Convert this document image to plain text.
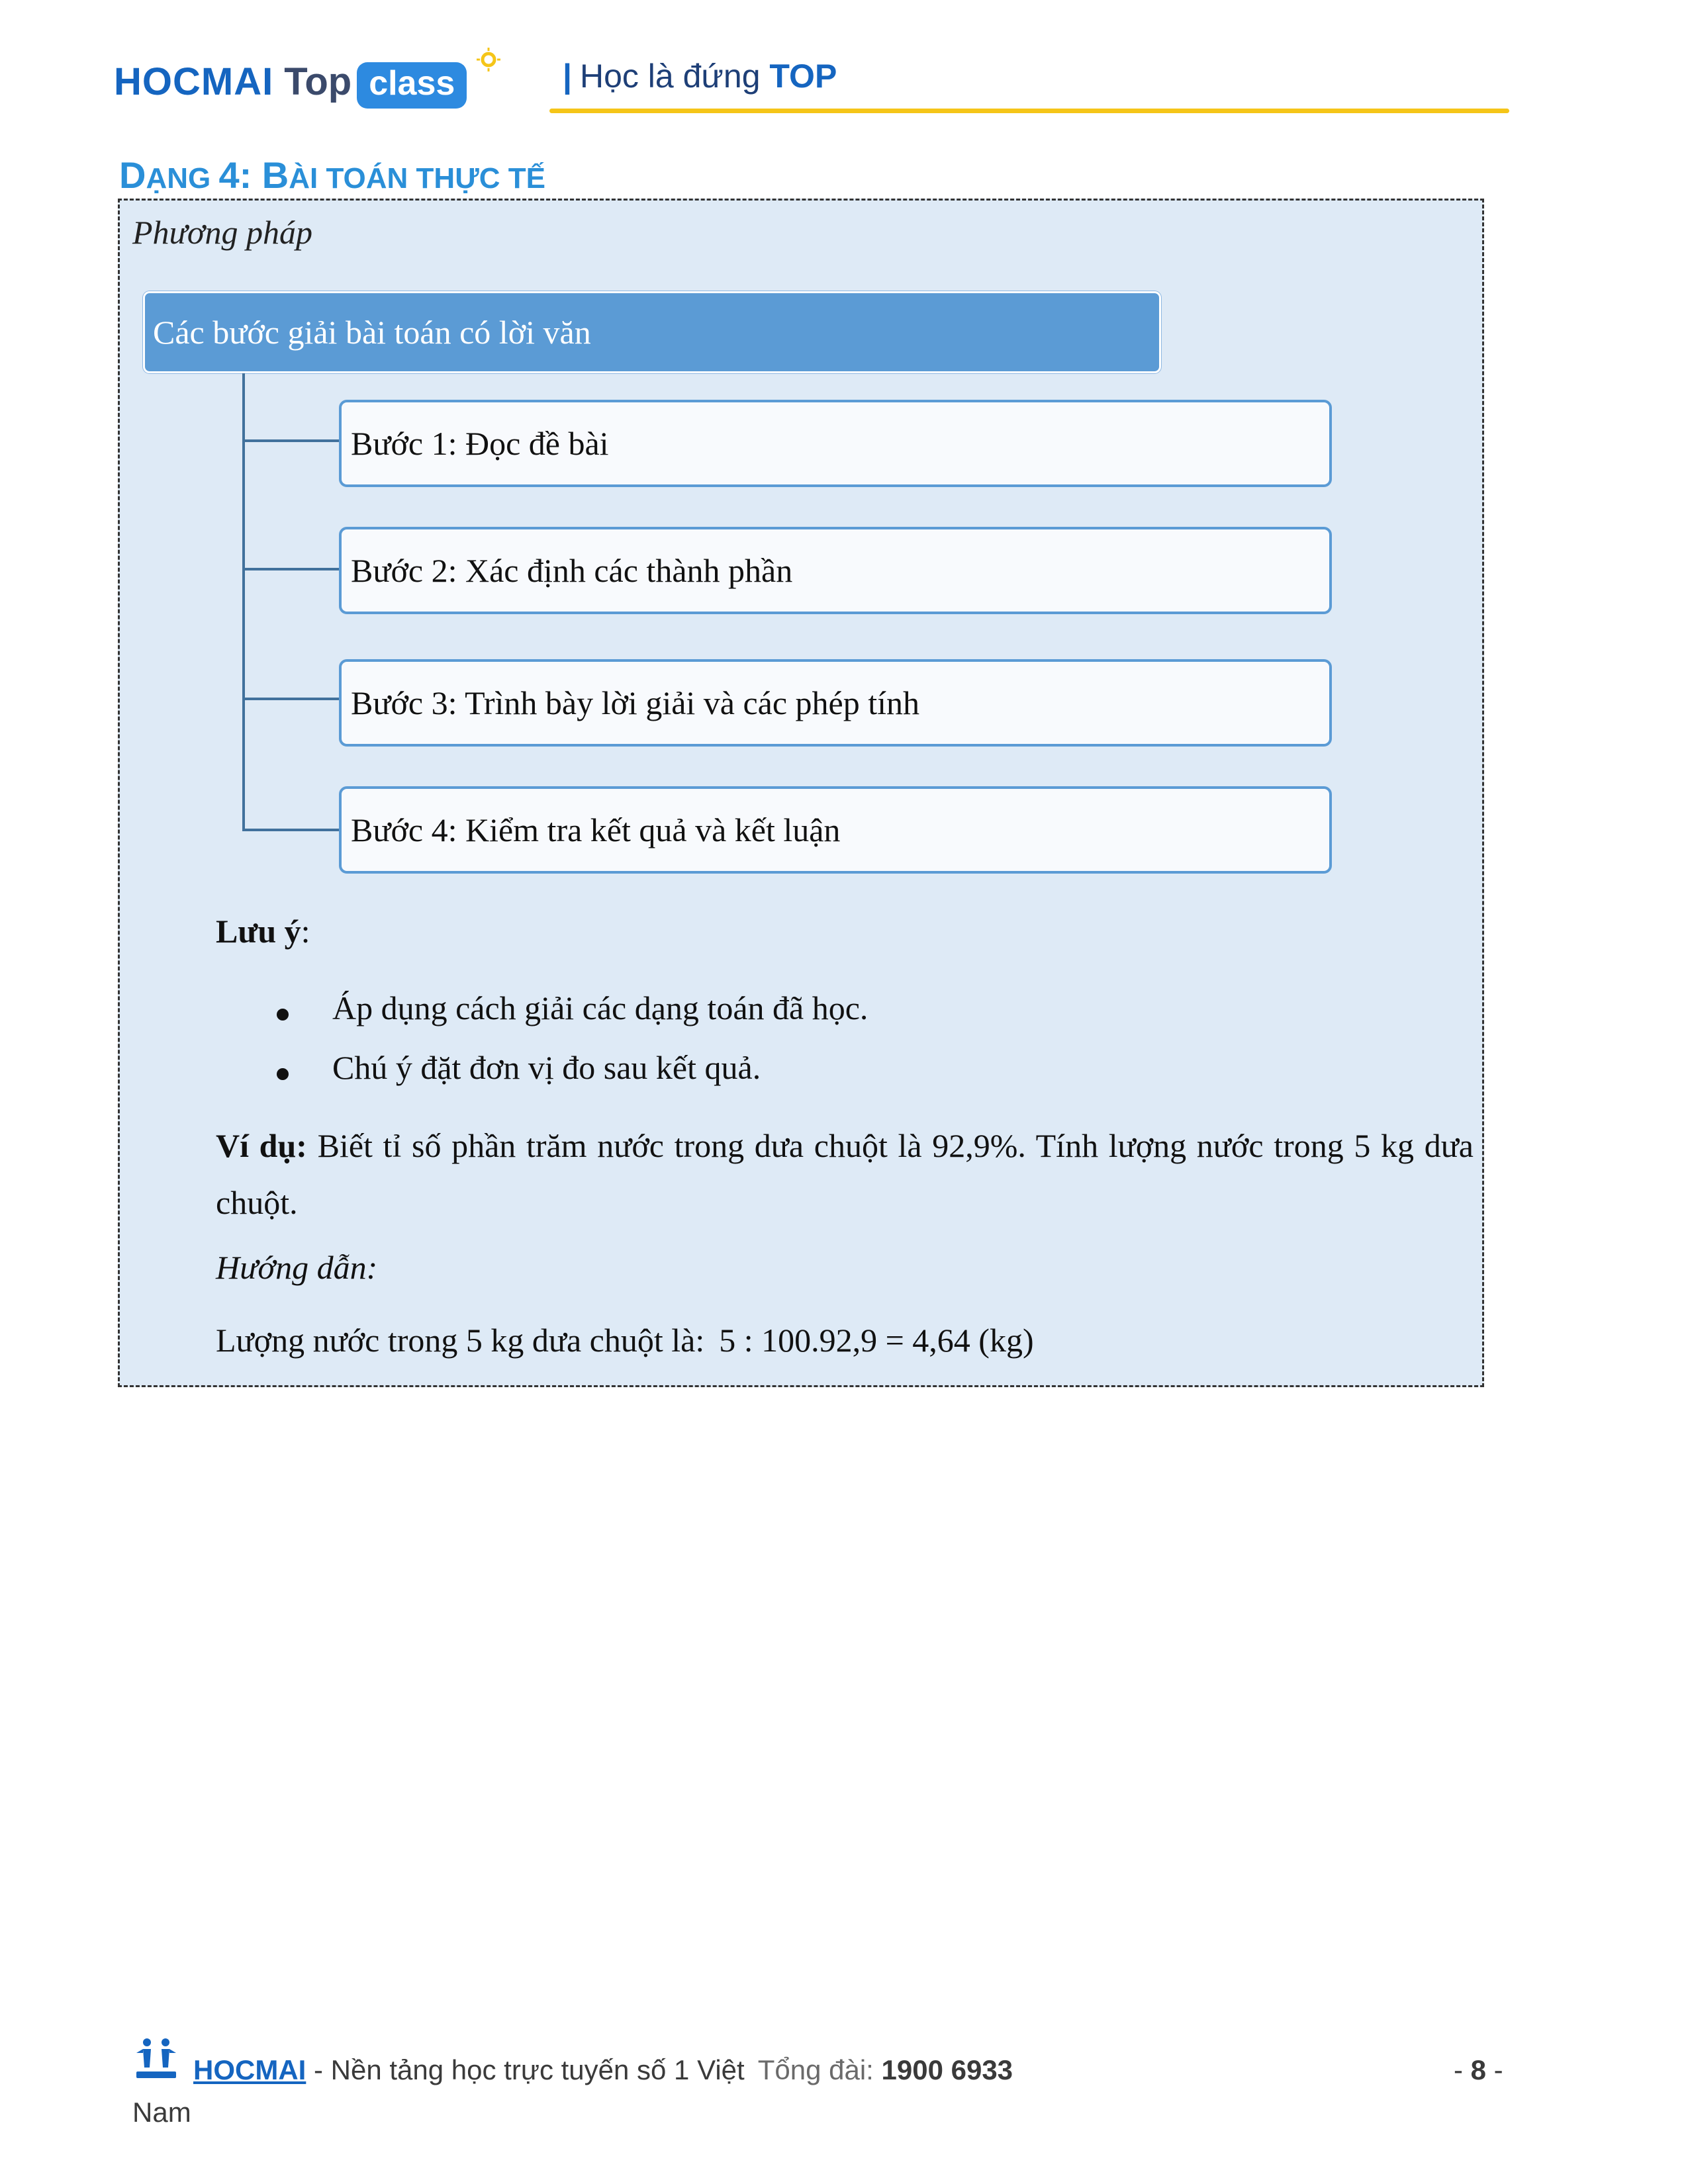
HOCMAI Top class	| Học là đứng TOP
DẠNG 4: BÀI TOÁN THỰC TẾ
Phương pháp
Các bước giải bài toán có lời văn
Bước 1: Đọc đề bài
Bước 2: Xác định các thành phần
Bước 3: Trình bày lời giải và các phép tính
Bước 4: Kiểm tra kết quả và kết luận
Lưu ý:
Áp dụng cách giải các dạng toán đã học.
Chú ý đặt đơn vị đo sau kết quả.
Ví dụ: Biết tỉ số phần trăm nước trong dưa chuột là 92,9%. Tính lượng nước trong 5 kg dưa chuột.
Hướng dẫn:
Lượng nước trong 5 kg dưa chuột là: 5 : 100.92,9 = 4,64 (kg)
HOCMAI - Nền tảng học trực tuyến số 1 Việt Tổng đài: 1900 6933
Nam
- 8 -
